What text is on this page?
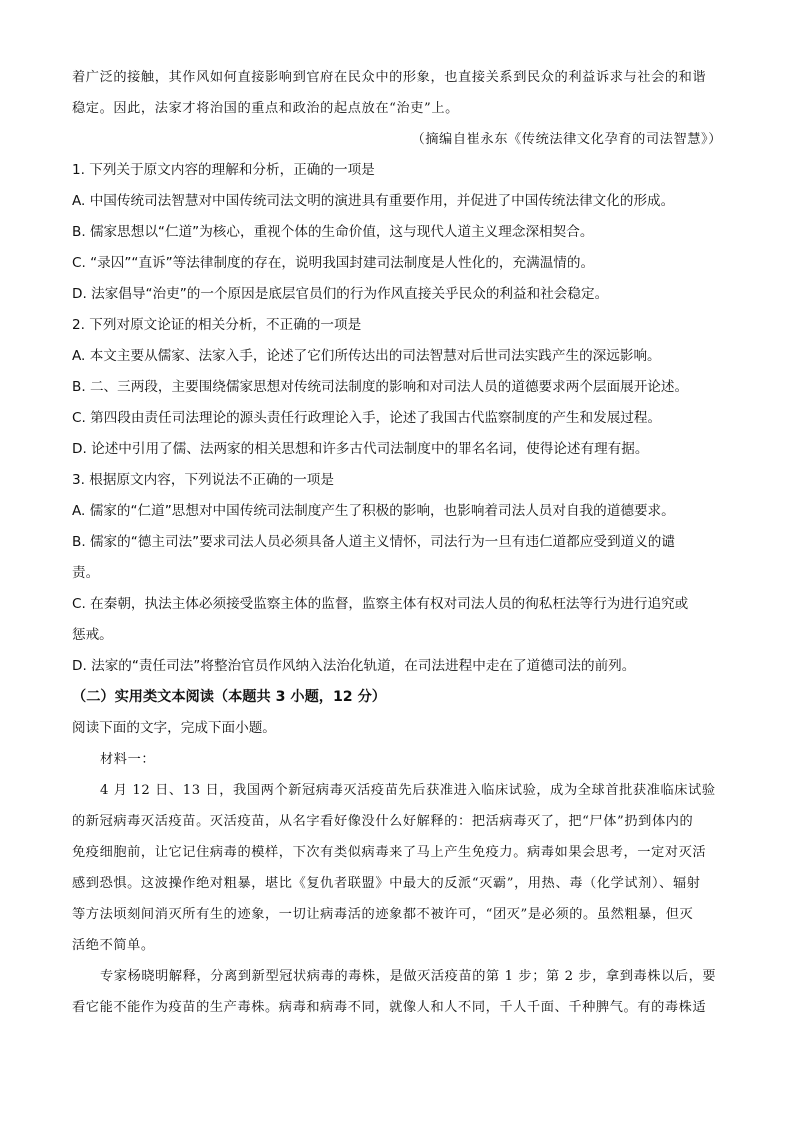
着广泛的接触，其作风如何直接影响到官府在民众中的形象，也直接关系到民众的利益诉求与社会的和谐
稳定。因此，法家才将治国的重点和政治的起点放在“治吏”上。
（摘编自崔永东《传统法律文化孕育的司法智慧》）
1. 下列关于原文内容的理解和分析，正确的一项是
A. 中国传统司法智慧对中国传统司法文明的演进具有重要作用，并促进了中国传统法律文化的形成。
B. 儒家思想以“仁道”为核心，重视个体的生命价值，这与现代人道主义理念深相契合。
C. “录囚”“直诉”等法律制度的存在，说明我国封建司法制度是人性化的，充满温情的。
D. 法家倡导“治吏”的一个原因是底层官员们的行为作风直接关乎民众的利益和社会稳定。
2. 下列对原文论证的相关分析，不正确的一项是
A. 本文主要从儒家、法家入手，论述了它们所传达出的司法智慧对后世司法实践产生的深远影响。
B. 二、三两段，主要围绕儒家思想对传统司法制度的影响和对司法人员的道德要求两个层面展开论述。
C. 第四段由责任司法理论的源头责任行政理论入手，论述了我国古代监察制度的产生和发展过程。
D. 论述中引用了儒、法两家的相关思想和许多古代司法制度中的罪名名词，使得论述有理有据。
3. 根据原文内容，下列说法不正确的一项是
A. 儒家的“仁道”思想对中国传统司法制度产生了积极的影响，也影响着司法人员对自我的道德要求。
B. 儒家的“德主司法”要求司法人员必须具备人道主义情怀，司法行为一旦有违仁道都应受到道义的谴
责。
C. 在秦朝，执法主体必须接受监察主体的监督，监察主体有权对司法人员的徇私枉法等行为进行追究或
惩戒。
D. 法家的“责任司法”将整治官员作风纳入法治化轨道，在司法进程中走在了道德司法的前列。
（二）实用类文本阅读（本题共 3 小题，12 分）
阅读下面的文字，完成下面小题。
材料一：
4 月 12 日、13 日，我国两个新冠病毒灭活疫苗先后获准进入临床试验，成为全球首批获准临床试验
的新冠病毒灭活疫苗。灭活疫苗，从名字看好像没什么好解释的：把活病毒灭了，把“尸体”扔到体内的
免疫细胞前，让它记住病毒的模样，下次有类似病毒来了马上产生免疫力。病毒如果会思考，一定对灭活
感到恐惧。这波操作绝对粗暴，堪比《复仇者联盟》中最大的反派“灭霸”，用热、毒（化学试剂）、辐射
等方法顷刻间消灭所有生的迹象，一切让病毒活的迹象都不被许可，“团灭”是必须的。虽然粗暴，但灭
活绝不简单。
专家杨晓明解释，分离到新型冠状病毒的毒株，是做灭活疫苗的第 1 步；第 2 步，拿到毒株以后，要
看它能不能作为疫苗的生产毒株。病毒和病毒不同，就像人和人不同，千人千面、千种脾气。有的毒株适
